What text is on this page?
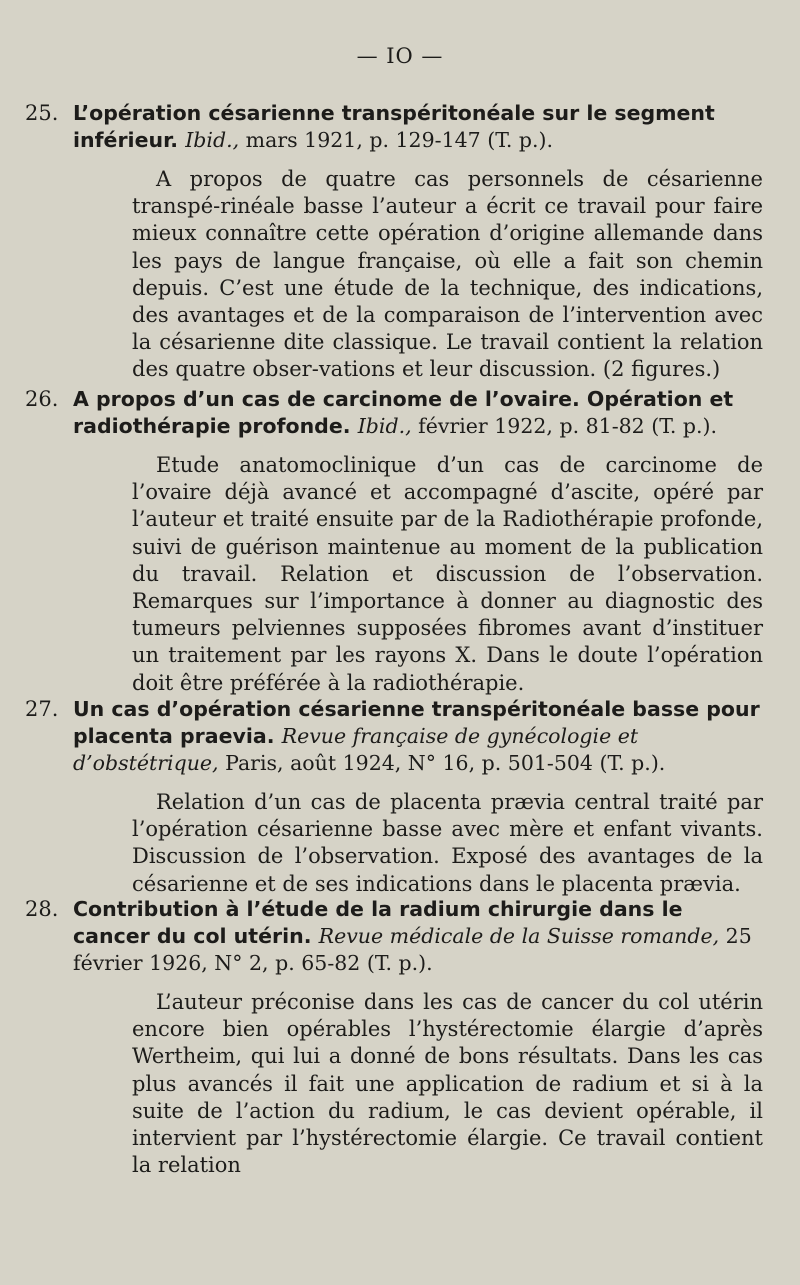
— IO —
25. L’opération césarienne transpéritonéale sur le segment inférieur. Ibid., mars 1921, p. 129-147 (T. p.).

A propos de quatre cas personnels de césarienne transpé-rinéale basse l’auteur a écrit ce travail pour faire mieux connaître cette opération d’origine allemande dans les pays de langue française, où elle a fait son chemin depuis. C’est une étude de la technique, des indications, des avantages et de la comparaison de l’intervention avec la césarienne dite classique. Le travail contient la relation des quatre obser-vations et leur discussion. (2 figures.)

26. A propos d’un cas de carcinome de l’ovaire. Opération et radiothérapie profonde. Ibid., février 1922, p. 81-82 (T. p.).

Etude anatomoclinique d’un cas de carcinome de l’ovaire déjà avancé et accompagné d’ascite, opéré par l’auteur et traité ensuite par de la Radiothérapie profonde, suivi de guérison maintenue au moment de la publication du travail. Relation et discussion de l’observation. Remarques sur l’importance à donner au diagnostic des tumeurs pelviennes supposées fibromes avant d’instituer un traitement par les rayons X. Dans le doute l’opération doit être préférée à la radiothérapie.

27. Un cas d’opération césarienne transpéritonéale basse pour placenta praevia. Revue française de gynécologie et d’obstétrique, Paris, août 1924, N° 16, p. 501-504 (T. p.).

Relation d’un cas de placenta prævia central traité par l’opération césarienne basse avec mère et enfant vivants. Discussion de l’observation. Exposé des avantages de la césarienne et de ses indications dans le placenta prævia.

28. Contribution à l’étude de la radium chirurgie dans le cancer du col utérin. Revue médicale de la Suisse romande, 25 février 1926, N° 2, p. 65-82 (T. p.).

L’auteur préconise dans les cas de cancer du col utérin encore bien opérables l’hystérectomie élargie d’après Wertheim, qui lui a donné de bons résultats. Dans les cas plus avancés il fait une application de radium et si à la suite de l’action du radium, le cas devient opérable, il intervient par l’hystérectomie élargie. Ce travail contient la relation
